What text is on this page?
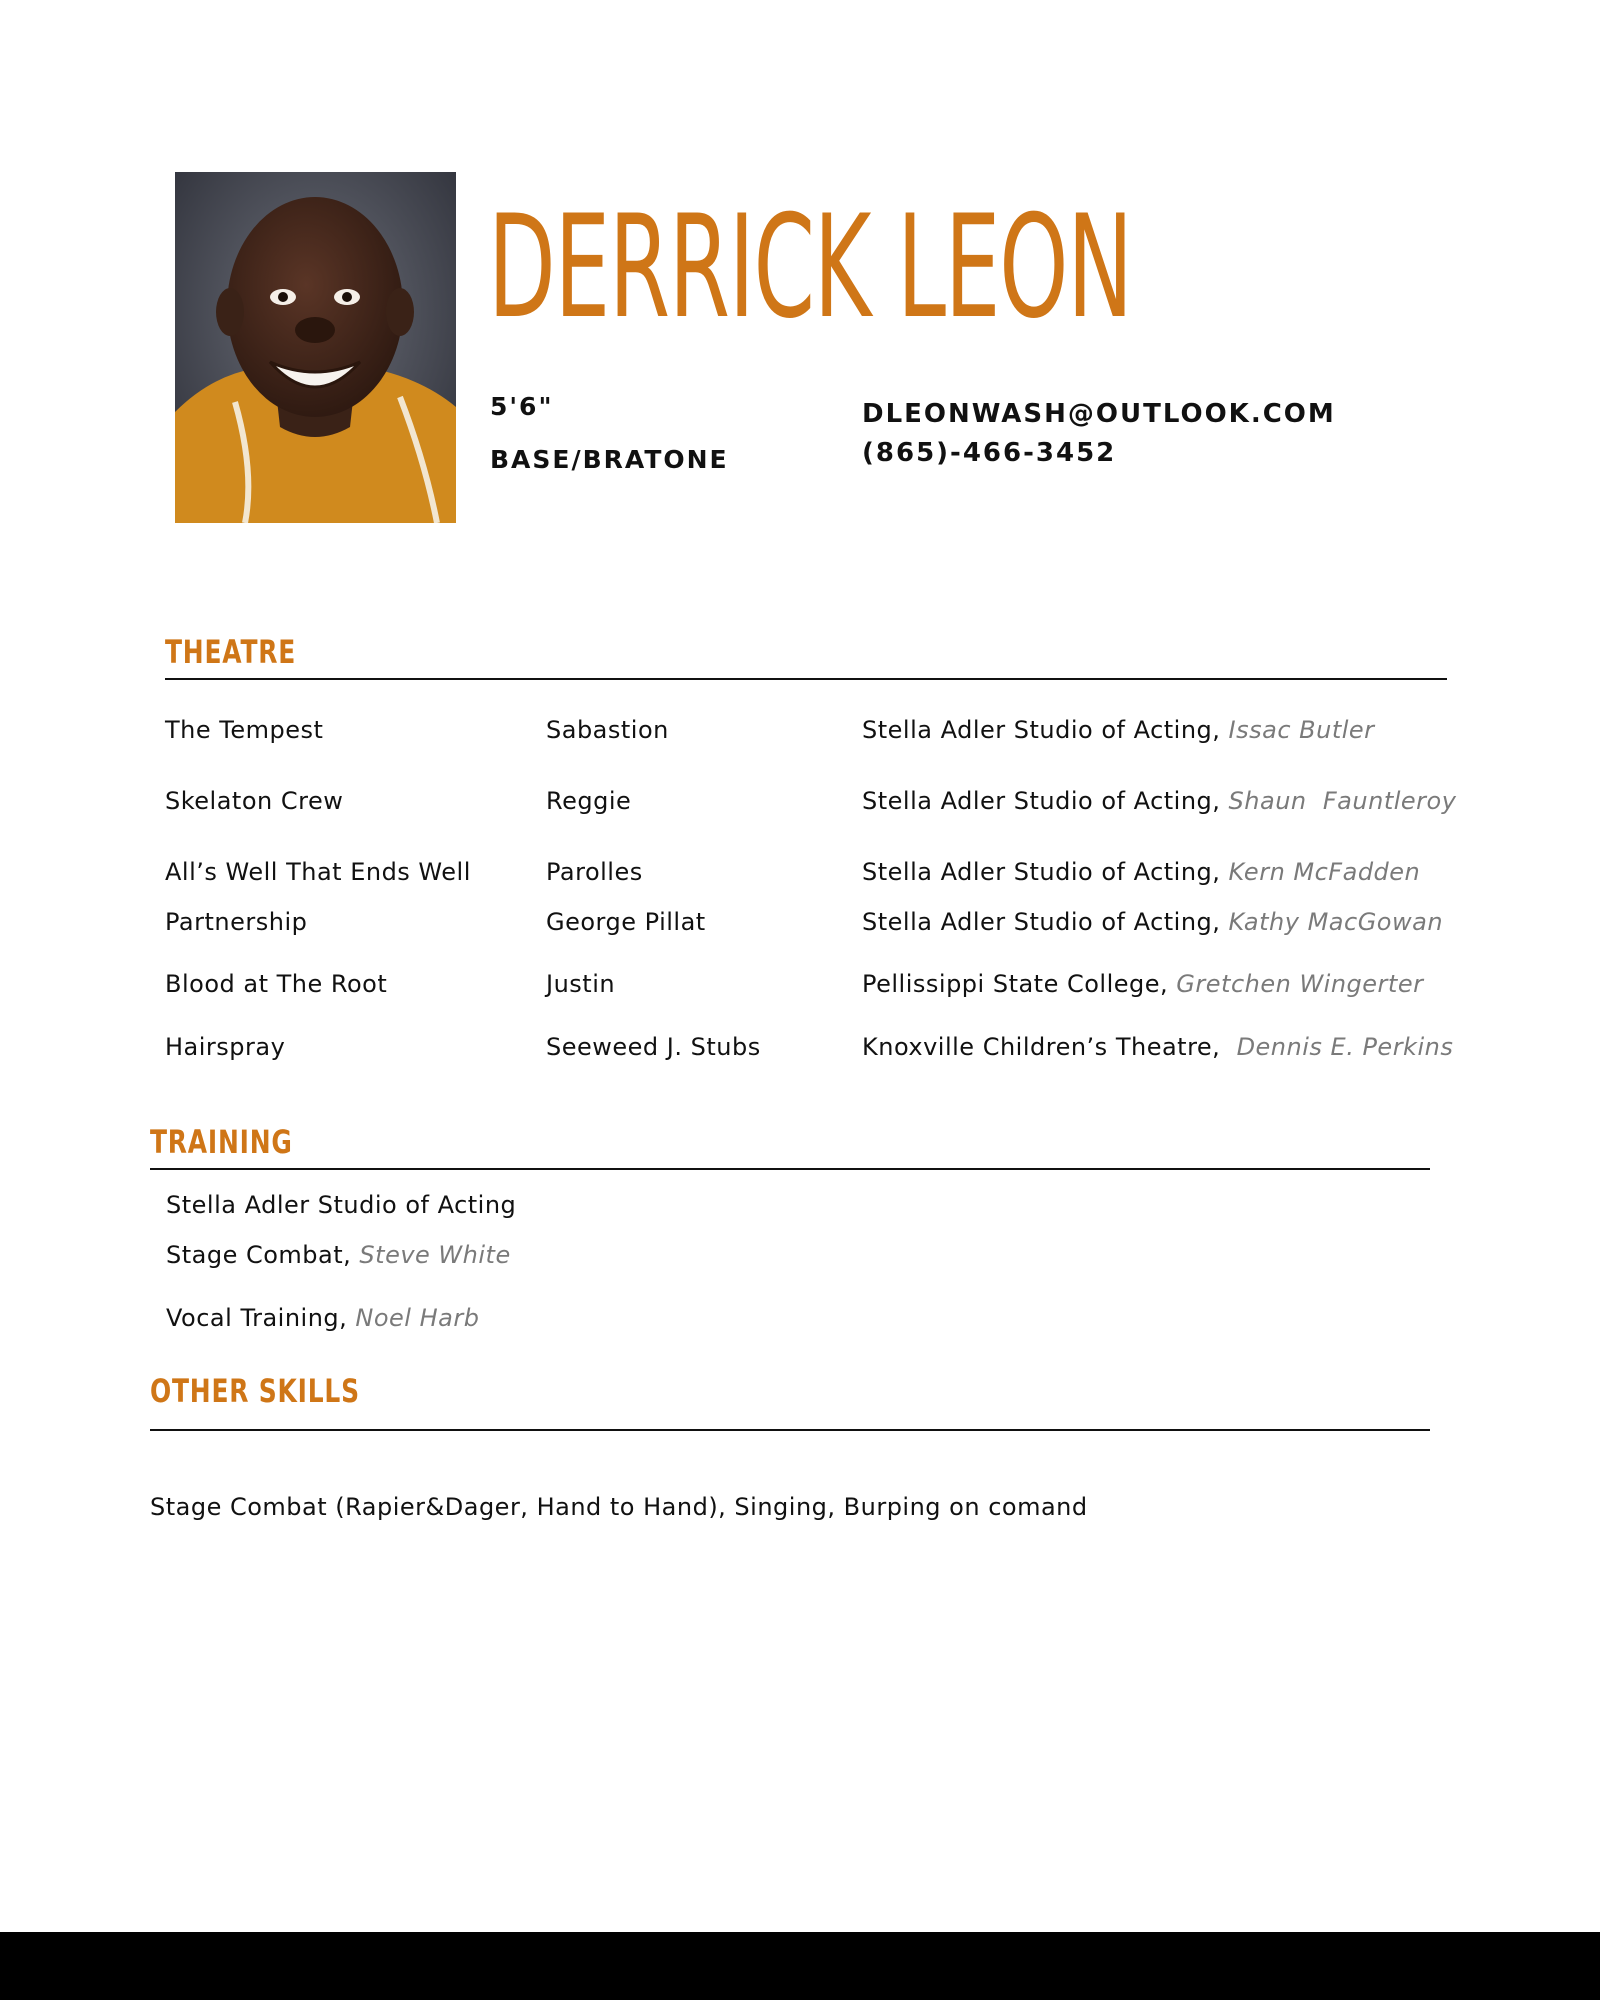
DERRICK LEON
5'6"
BASE/BRATONE
DLEONWASH@OUTLOOK.COM
(865)-466-3452
THEATRE
The Tempest	Sabastion	Stella Adler Studio of Acting, Issac Butler
Skelaton Crew	Reggie	Stella Adler Studio of Acting, Shaun  Fauntleroy
All’s Well That Ends Well	Parolles	Stella Adler Studio of Acting, Kern McFadden
Partnership	George Pillat	Stella Adler Studio of Acting, Kathy MacGowan
Blood at The Root	Justin	Pellissippi State College, Gretchen Wingerter
Hairspray	Seeweed J. Stubs	Knoxville Children’s Theatre,  Dennis E. Perkins
TRAINING
Stella Adler Studio of Acting
Stage Combat, Steve White
Vocal Training, Noel Harb
OTHER SKILLS
Stage Combat (Rapier&Dager, Hand to Hand), Singing, Burping on comand
